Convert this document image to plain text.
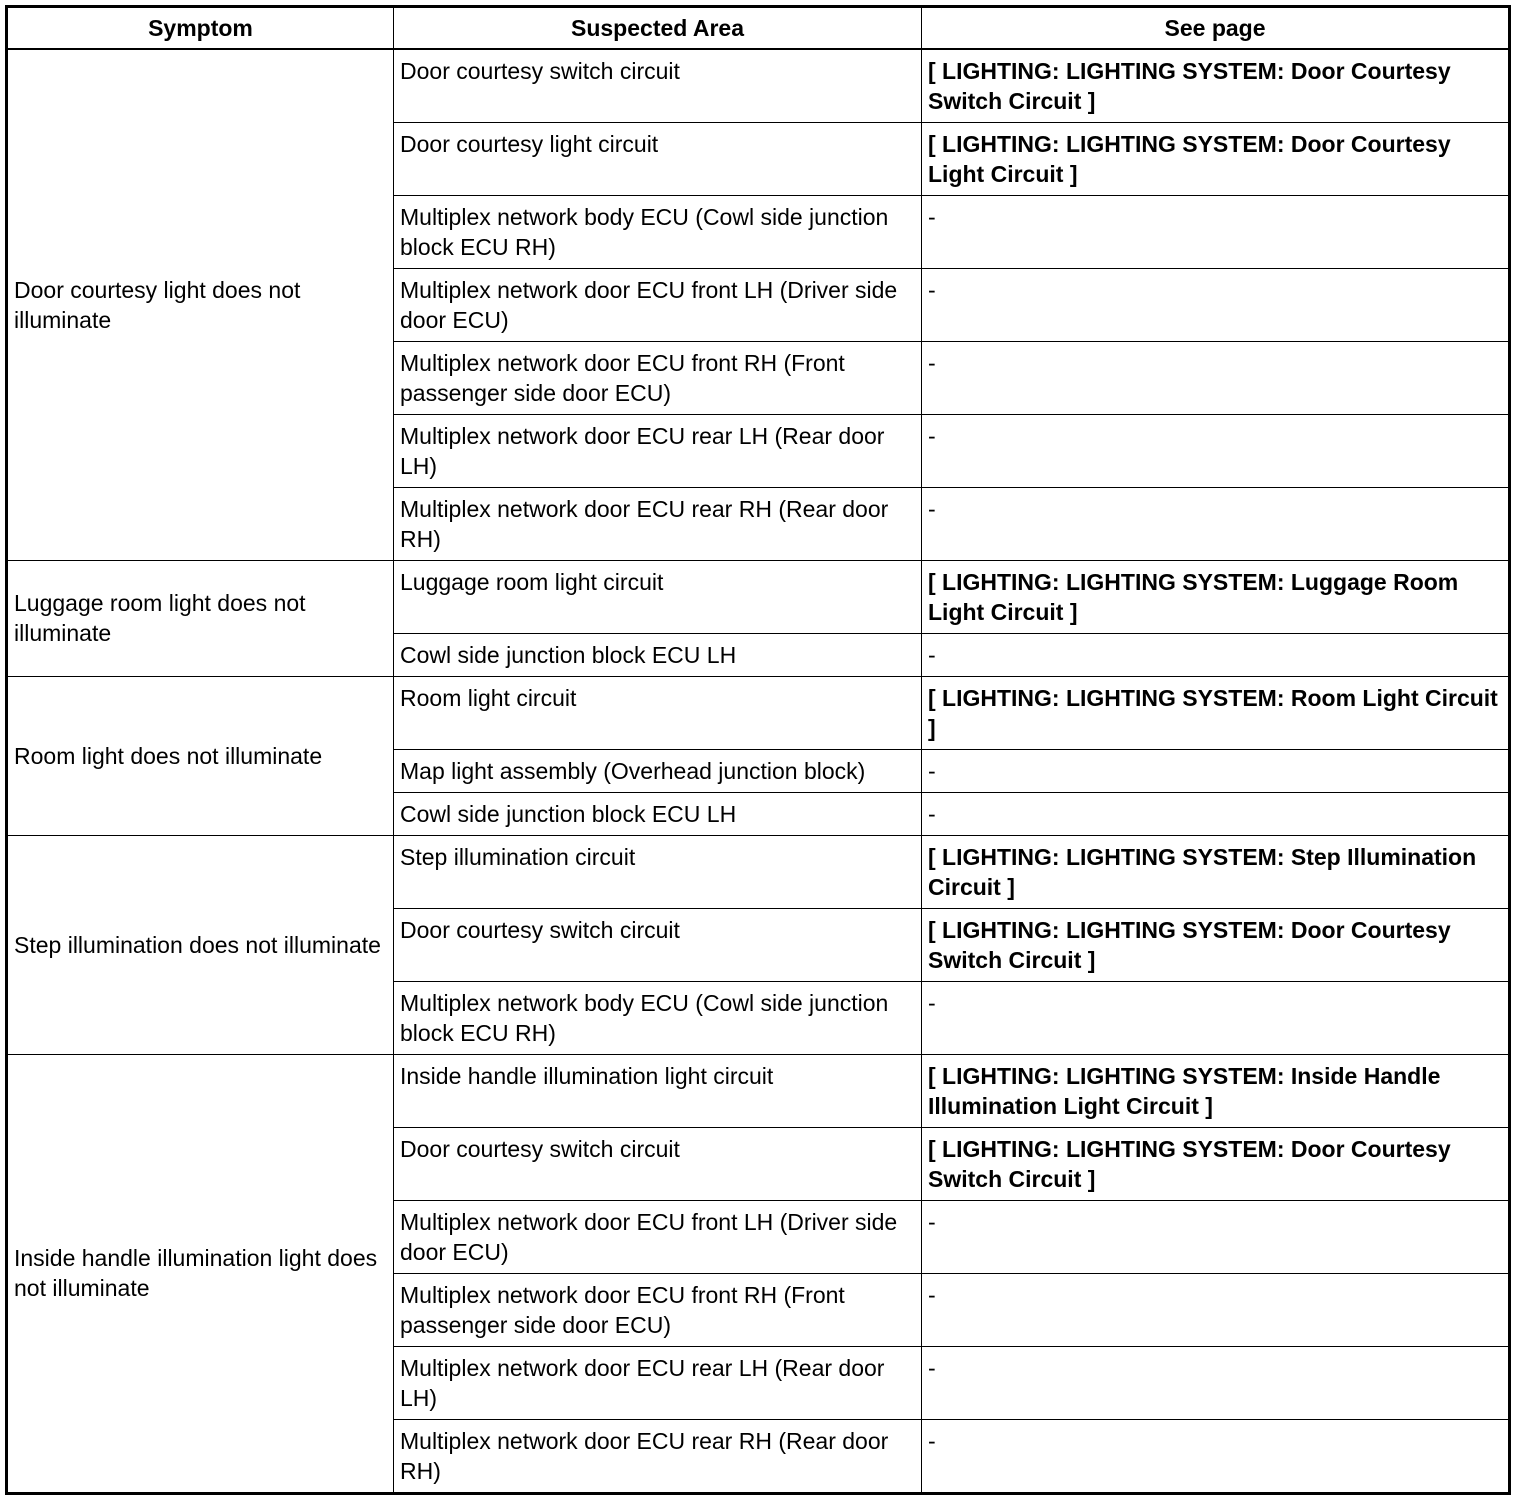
Symptom	Suspected Area	See page
Door courtesy light does not illuminate	Door courtesy switch circuit	[ LIGHTING: LIGHTING SYSTEM: Door Courtesy Switch Circuit ]
	Door courtesy light circuit	[ LIGHTING: LIGHTING SYSTEM: Door Courtesy Light Circuit ]
	Multiplex network body ECU (Cowl side junction block ECU RH)	-
	Multiplex network door ECU front LH (Driver side door ECU)	-
	Multiplex network door ECU front RH (Front passenger side door ECU)	-
	Multiplex network door ECU rear LH (Rear door LH)	-
	Multiplex network door ECU rear RH (Rear door RH)	-
Luggage room light does not illuminate	Luggage room light circuit	[ LIGHTING: LIGHTING SYSTEM: Luggage Room Light Circuit ]
	Cowl side junction block ECU LH	-
Room light does not illuminate	Room light circuit	[ LIGHTING: LIGHTING SYSTEM: Room Light Circuit ]
	Map light assembly (Overhead junction block)	-
	Cowl side junction block ECU LH	-
Step illumination does not illuminate	Step illumination circuit	[ LIGHTING: LIGHTING SYSTEM: Step Illumination Circuit ]
	Door courtesy switch circuit	[ LIGHTING: LIGHTING SYSTEM: Door Courtesy Switch Circuit ]
	Multiplex network body ECU (Cowl side junction block ECU RH)	-
Inside handle illumination light does not illuminate	Inside handle illumination light circuit	[ LIGHTING: LIGHTING SYSTEM: Inside Handle Illumination Light Circuit ]
	Door courtesy switch circuit	[ LIGHTING: LIGHTING SYSTEM: Door Courtesy Switch Circuit ]
	Multiplex network door ECU front LH (Driver side door ECU)	-
	Multiplex network door ECU front RH (Front passenger side door ECU)	-
	Multiplex network door ECU rear LH (Rear door LH)	-
	Multiplex network door ECU rear RH (Rear door RH)	-
